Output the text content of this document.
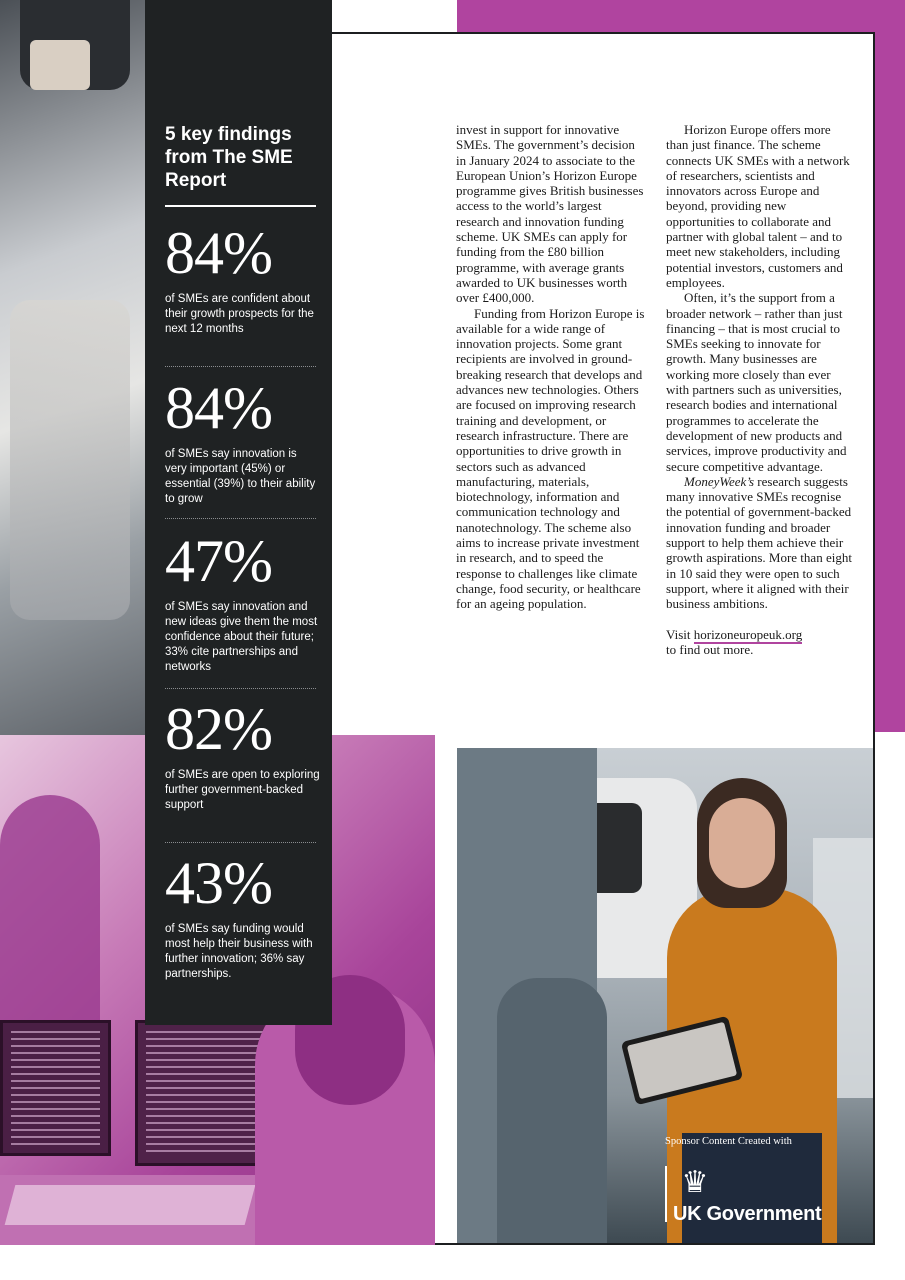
5 key findings from The SME Report
84%
of SMEs are confident about their growth prospects for the next 12 months
84%
of SMEs say innovation is very important (45%) or essential (39%) to their ability to grow
47%
of SMEs say innovation and new ideas give them the most confidence about their future; 33% cite partnerships and networks
82%
of SMEs are open to exploring further government-backed support
43%
of SMEs say funding would most help their business with further innovation; 36% say partnerships.

invest in support for innovative SMEs. The government’s decision in January 2024 to associate to the European Union’s Horizon Europe programme gives British businesses access to the world’s largest research and innovation funding scheme. UK SMEs can apply for funding from the £80 billion programme, with average grants awarded to UK businesses worth over £400,000.

Funding from Horizon Europe is available for a wide range of innovation projects. Some grant recipients are involved in ground-breaking research that develops and advances new technologies. Others are focused on improving research training and development, or research infrastructure. There are opportunities to drive growth in sectors such as advanced manufacturing, materials, biotechnology, information and communication technology and nanotechnology. The scheme also aims to increase private investment in research, and to speed the response to challenges like climate change, food security, or healthcare for an ageing population.

Horizon Europe offers more than just finance. The scheme connects UK SMEs with a network of researchers, scientists and innovators across Europe and beyond, providing new opportunities to collaborate and partner with global talent – and to meet new stakeholders, including potential investors, customers and employees.

Often, it’s the support from a broader network – rather than just financing – that is most crucial to SMEs seeking to innovate for growth. Many businesses are working more closely than ever with partners such as universities, research bodies and international programmes to accelerate the development of new products and services, improve productivity and secure competitive advantage.

MoneyWeek’s research suggests many innovative SMEs recognise the potential of government-backed innovation funding and broader support to help them achieve their growth aspirations. More than eight in 10 said they were open to such support, where it aligned with their business ambitions.

Visit horizoneuropeuk.org
to find out more.

Sponsor Content Created with
♛
UK Government
